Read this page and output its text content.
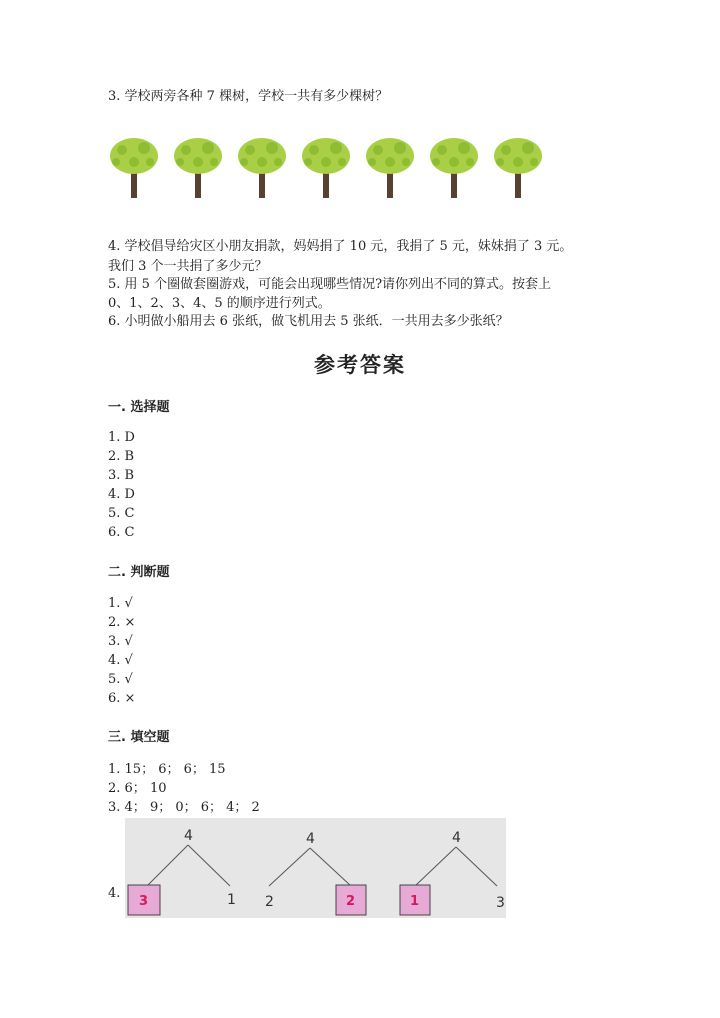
3. 学校两旁各种 7 棵树，学校一共有多少棵树？
4. 学校倡导给灾区小朋友捐款，妈妈捐了 10 元，我捐了 5 元，妹妹捐了 3 元。
我们 3 个一共捐了多少元？
5. 用 5 个圈做套圈游戏，可能会出现哪些情况?请你列出不同的算式。按套上
0、1、2、3、4、5 的顺序进行列式。
6. 小明做小船用去 6 张纸，做飞机用去 5 张纸．一共用去多少张纸？
参考答案
一. 选择题
1. D
2. B
3. B
4. D
5. C
6. C
二. 判断题
1. √
2. ×
3. √
4. √
5. √
6. ×
三. 填空题
1. 15； 6； 6； 15
2. 6； 10
3. 4； 9； 0； 6； 4； 2
4.
4
3	1
4
2	2
4
1	3
